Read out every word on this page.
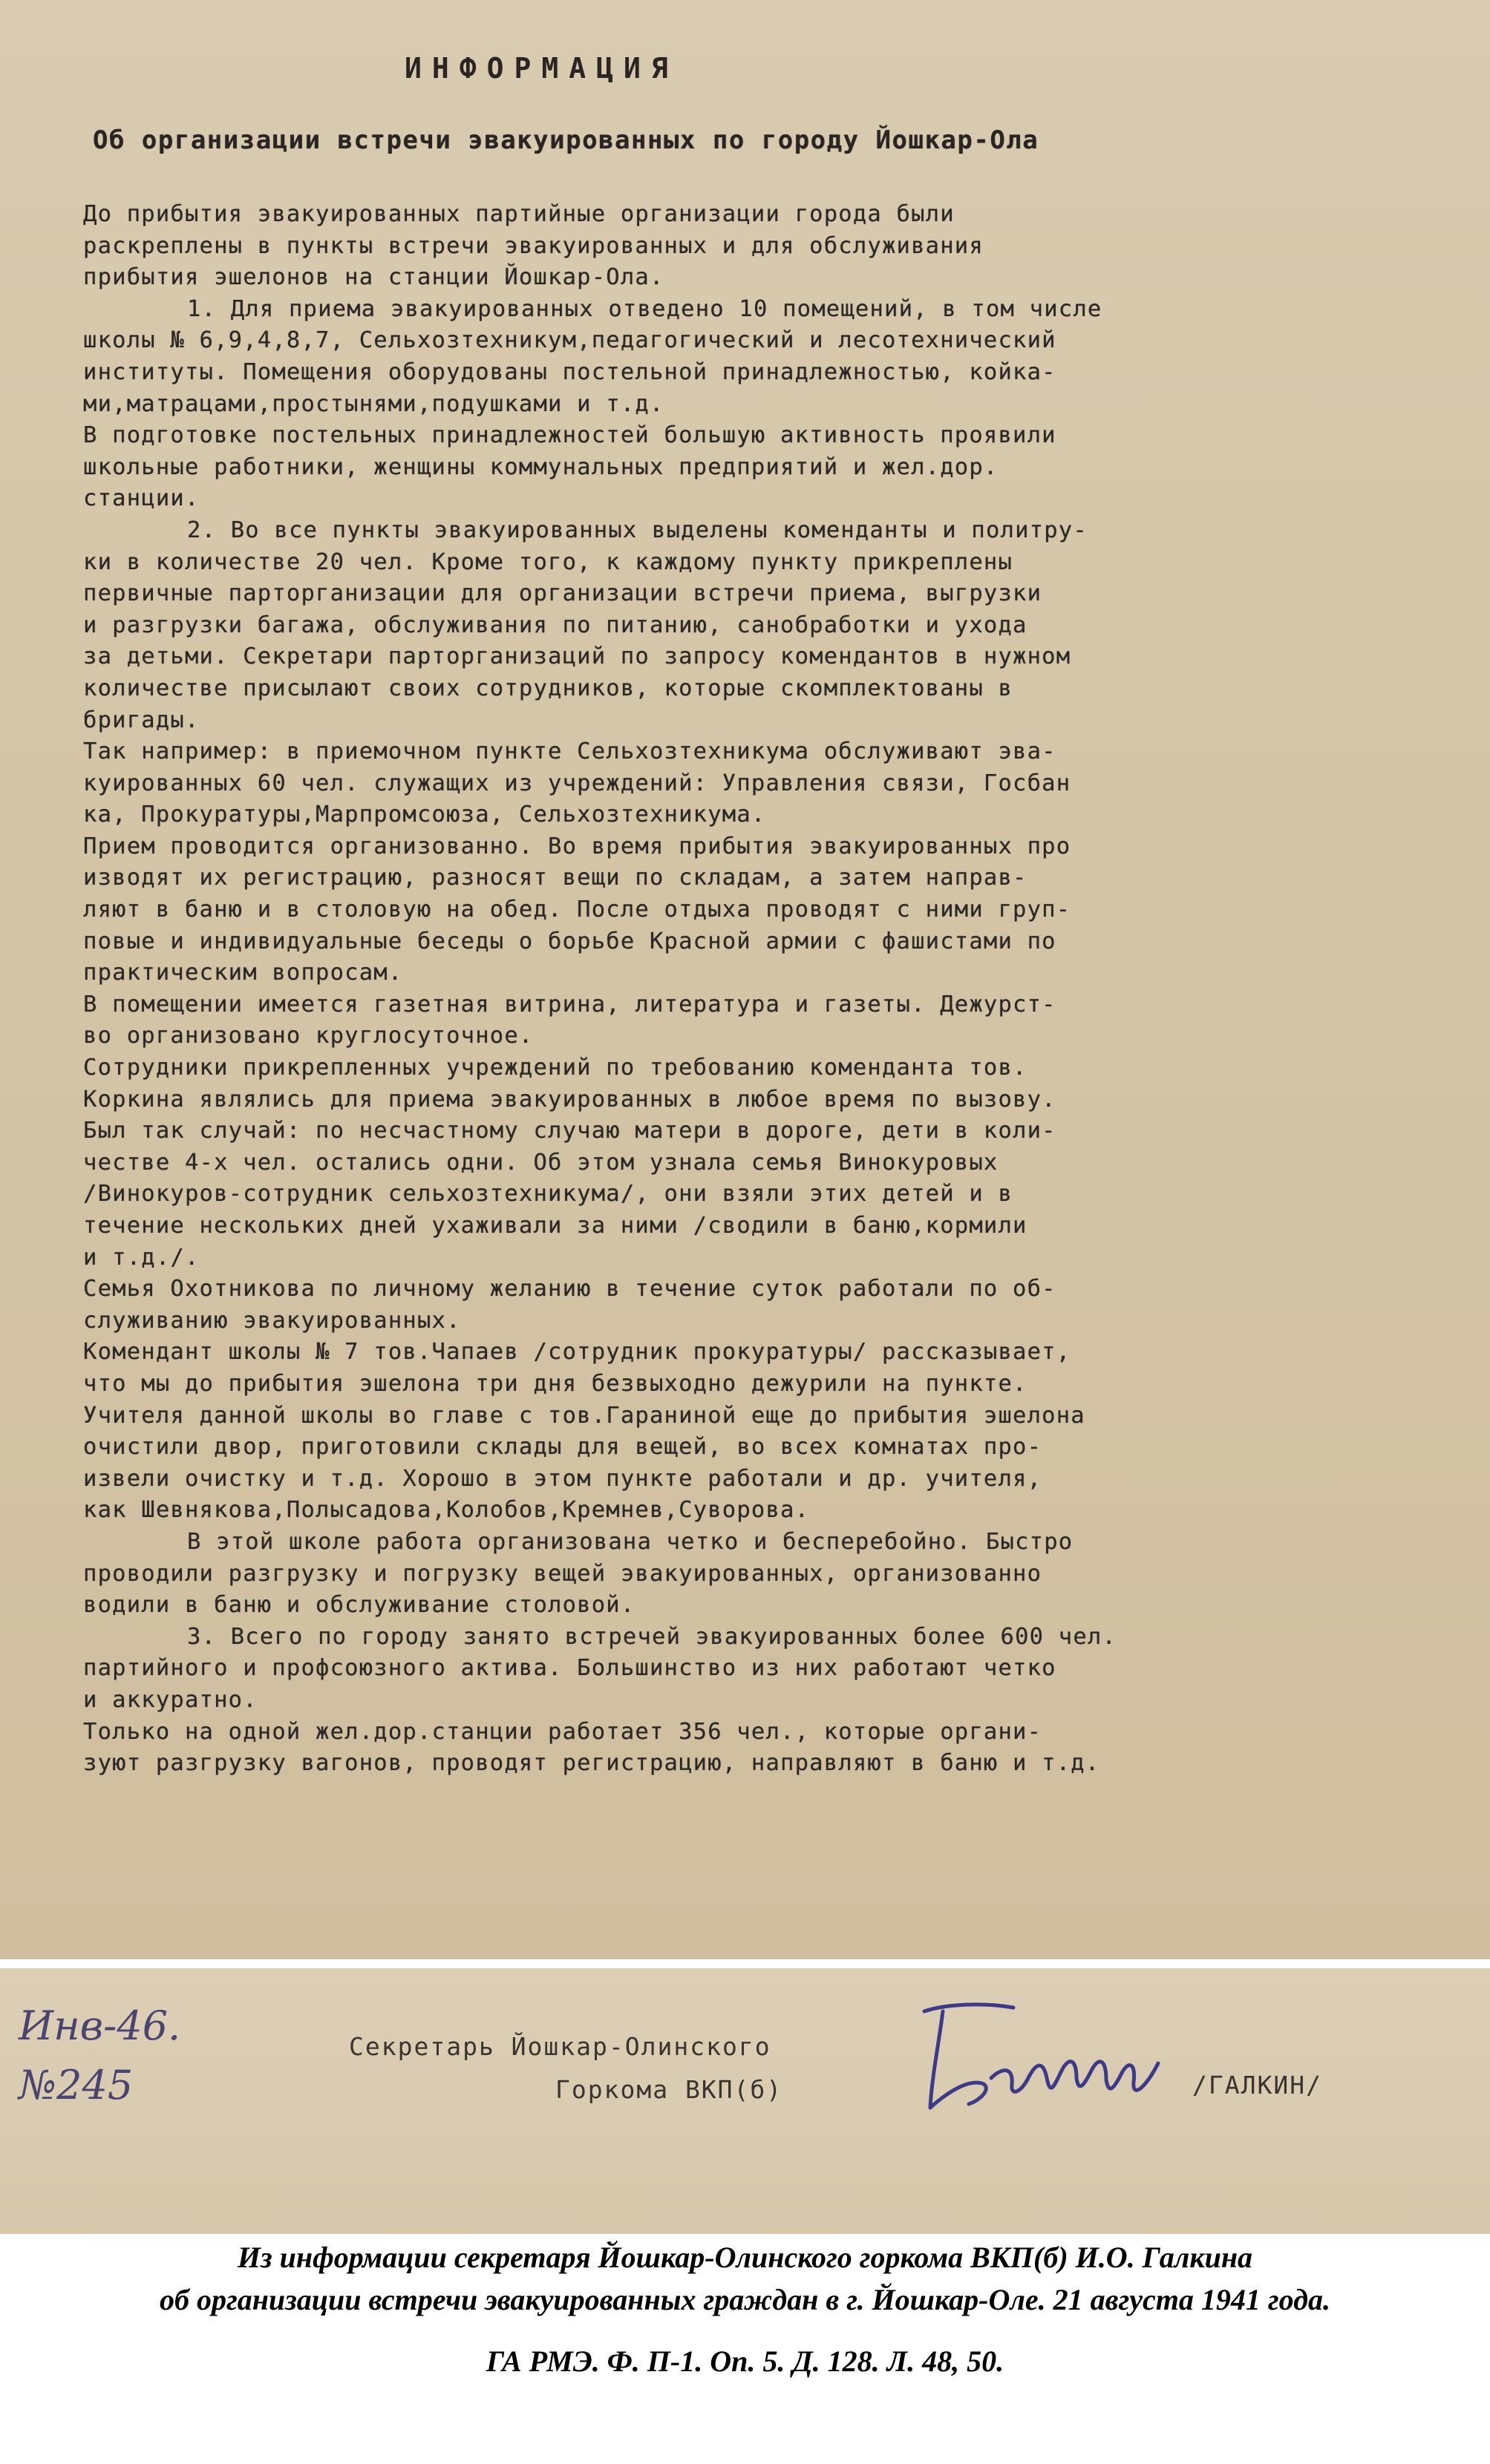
ИНФОРМАЦИЯ
Об организации встречи эвакуированных по городу Йошкар-Ола
До прибытия эвакуированных партийные организации города были
раскреплены в пункты встречи эвакуированных и для обслуживания
прибытия эшелонов на станции Йошкар-Ола.
1. Для приема эвакуированных отведено 10 помещений, в том числе
школы № 6,9,4,8,7, Сельхозтехникум,педагогический и лесотехнический
институты. Помещения оборудованы постельной принадлежностью, койка-
ми,матрацами,простынями,подушками и т.д.
В подготовке постельных принадлежностей большую активность проявили
школьные работники, женщины коммунальных предприятий и жел.дор.
станции.
2. Во все пункты эвакуированных выделены коменданты и политру-
ки в количестве 20 чел. Кроме того, к каждому пункту прикреплены
первичные парторганизации для организации встречи приема, выгрузки
и разгрузки багажа, обслуживания по питанию, санобработки и ухода
за детьми. Секретари парторганизаций по запросу комендантов в нужном
количестве присылают своих сотрудников, которые скомплектованы в
бригады.
Так например: в приемочном пункте Сельхозтехникума обслуживают эва-
куированных 60 чел. служащих из учреждений: Управления связи, Госбан
ка, Прокуратуры,Марпромсоюза, Сельхозтехникума.
Прием проводится организованно. Во время прибытия эвакуированных про
изводят их регистрацию, разносят вещи по складам, а затем направ-
ляют в баню и в столовую на обед. После отдыха проводят с ними груп-
повые и индивидуальные беседы о борьбе Красной армии с фашистами по
практическим вопросам.
В помещении имеется газетная витрина, литература и газеты. Дежурст-
во организовано круглосуточное.
Сотрудники прикрепленных учреждений по требованию коменданта тов.
Коркина являлись для приема эвакуированных в любое время по вызову.
Был так случай: по несчастному случаю матери в дороге, дети в коли-
честве 4-х чел. остались одни. Об этом узнала семья Винокуровых
/Винокуров-сотрудник сельхозтехникума/, они взяли этих детей и в
течение нескольких дней ухаживали за ними /сводили в баню,кормили
и т.д./.
Семья Охотникова по личному желанию в течение суток работали по об-
служиванию эвакуированных.
Комендант школы № 7 тов.Чапаев /сотрудник прокуратуры/ рассказывает,
что мы до прибытия эшелона три дня безвыходно дежурили на пункте.
Учителя данной школы во главе с тов.Гараниной еще до прибытия эшелона
очистили двор, приготовили склады для вещей, во всех комнатах про-
извели очистку и т.д. Хорошо в этом пункте работали и др. учителя,
как Шевнякова,Полысадова,Колобов,Кремнев,Суворова.
В этой школе работа организована четко и бесперебойно. Быстро
проводили разгрузку и погрузку вещей эвакуированных, организованно
водили в баню и обслуживание столовой.
3. Всего по городу занято встречей эвакуированных более 600 чел.
партийного и профсоюзного актива. Большинство из них работают четко
и аккуратно.
Только на одной жел.дор.станции работает 356 чел., которые органи-
зуют разгрузку вагонов, проводят регистрацию, направляют в баню и т.д.
Инв-46.
№245
Секретарь Йошкар-Олинского
Горкома ВКП(б)	/ГАЛКИН/
Из информации секретаря Йошкар-Олинского горкома ВКП(б) И.О. Галкина
об организации встречи эвакуированных граждан в г. Йошкар-Оле. 21 августа 1941 года.
ГА РМЭ. Ф. П-1. Оп. 5. Д. 128. Л. 48, 50.
